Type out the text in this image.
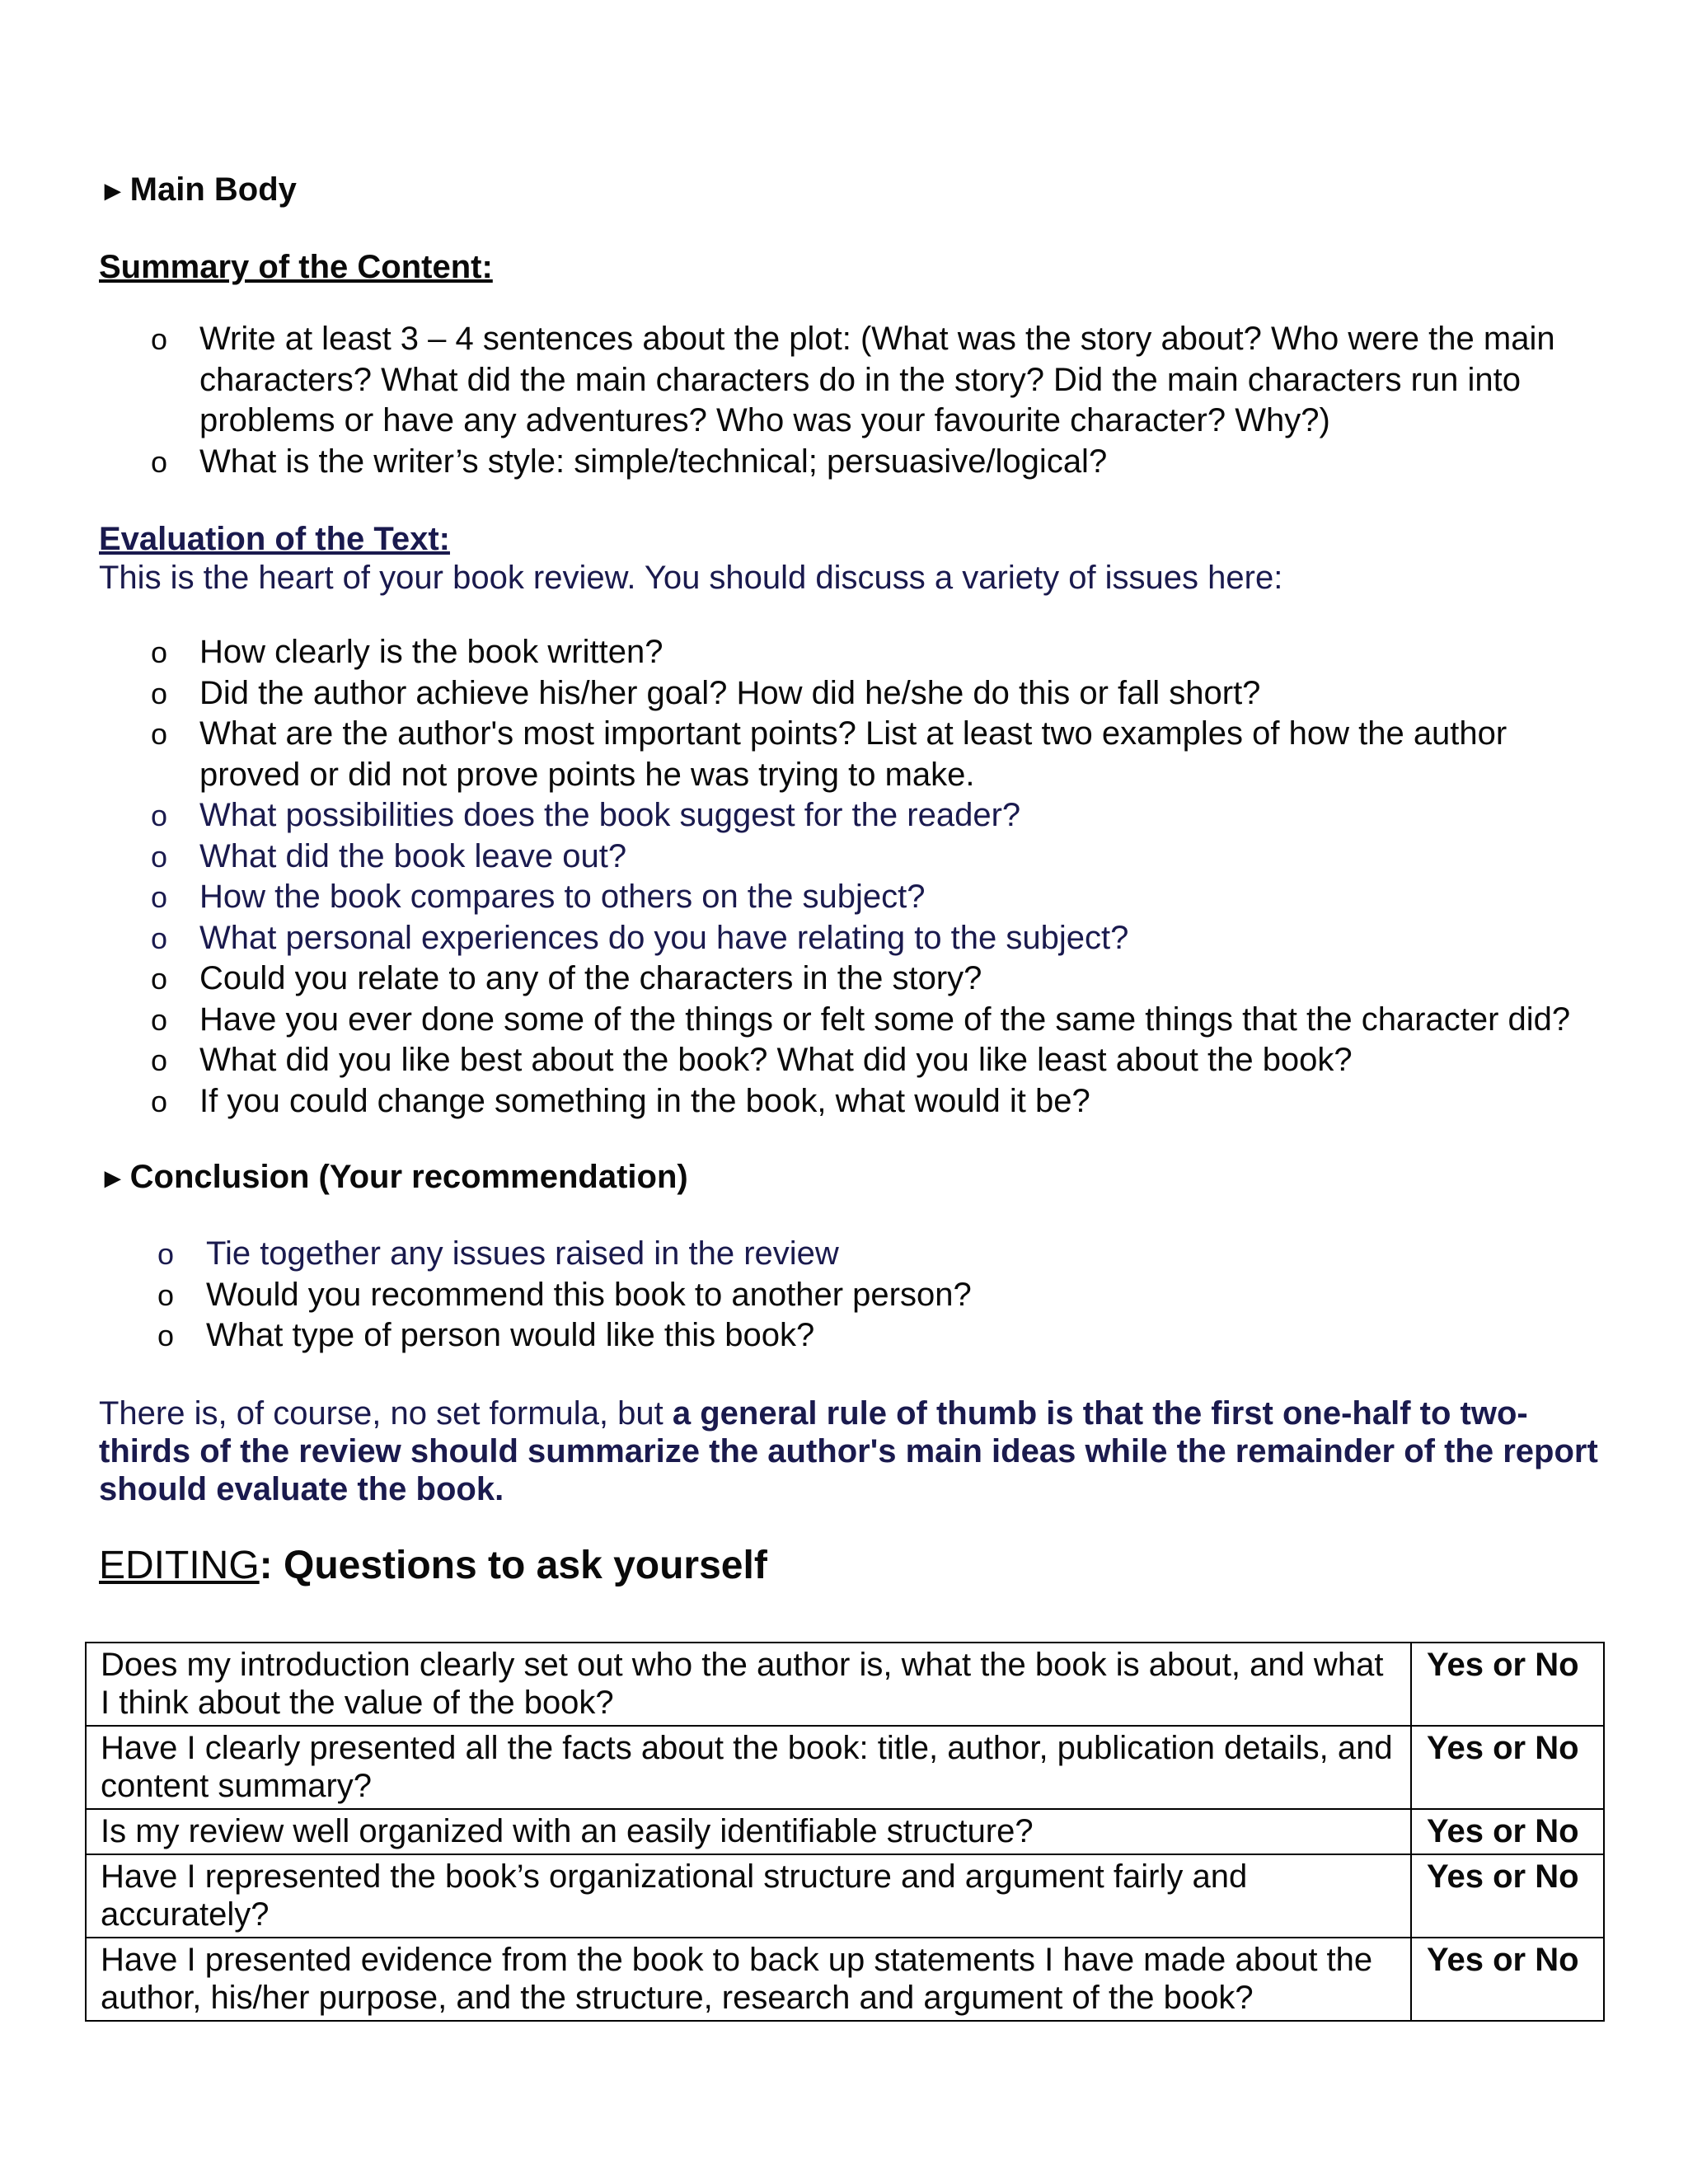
► Main Body

Summary of the Content:

o Write at least 3 – 4 sentences about the plot: (What was the story about? Who were the main characters? What did the main characters do in the story? Did the main characters run into problems or have any adventures? Who was your favourite character? Why?)
o What is the writer’s style: simple/technical; persuasive/logical?

Evaluation of the Text:

This is the heart of your book review. You should discuss a variety of issues here:

o How clearly is the book written?
o Did the author achieve his/her goal? How did he/she do this or fall short?
o What are the author's most important points? List at least two examples of how the author proved or did not prove points he was trying to make.
o What possibilities does the book suggest for the reader?
o What did the book leave out?
o How the book compares to others on the subject?
o What personal experiences do you have relating to the subject?
o Could you relate to any of the characters in the story?
o Have you ever done some of the things or felt some of the same things that the character did?
o What did you like best about the book? What did you like least about the book?
o If you could change something in the book, what would it be?

► Conclusion (Your recommendation)

o Tie together any issues raised in the review
o Would you recommend this book to another person?
o What type of person would like this book?

There is, of course, no set formula, but a general rule of thumb is that the first one-half to two-thirds of the review should summarize the author's main ideas while the remainder of the report should evaluate the book.

EDITING: Questions to ask yourself

Does my introduction clearly set out who the author is, what the book is about, and what I think about the value of the book?	Yes or No
Have I clearly presented all the facts about the book: title, author, publication details, and content summary?	Yes or No
Is my review well organized with an easily identifiable structure?	Yes or No
Have I represented the book’s organizational structure and argument fairly and accurately?	Yes or No
Have I presented evidence from the book to back up statements I have made about the author, his/her purpose, and the structure, research and argument of the book?	Yes or No
